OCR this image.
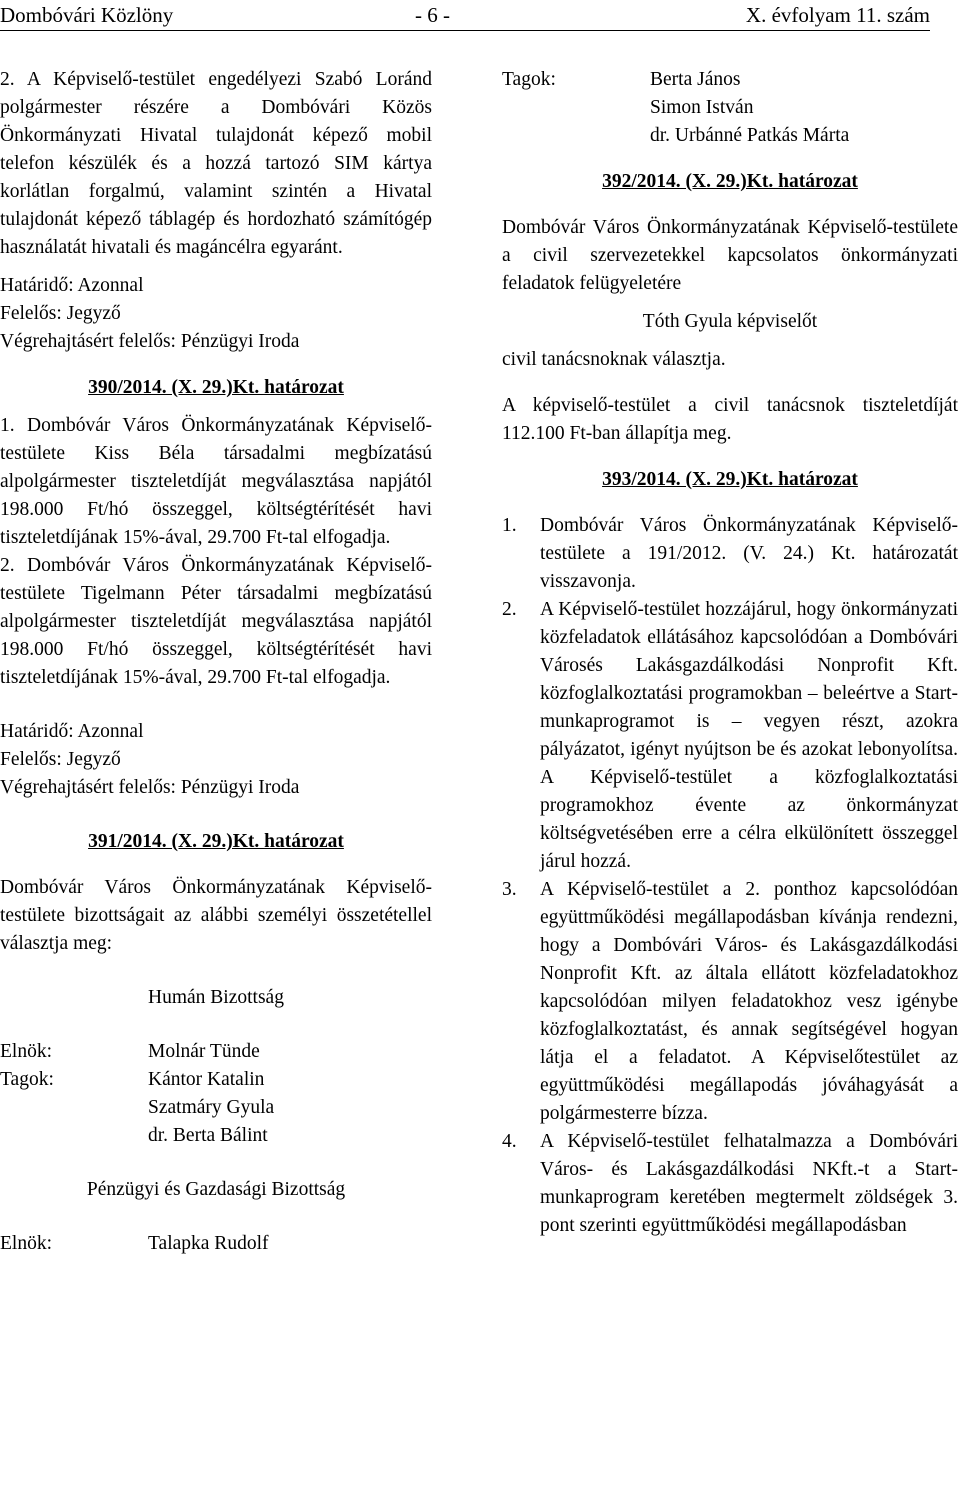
Dombóvári Közlöny	- 6 -	X. évfolyam 11. szám

2. A Képviselő-testület engedélyezi Szabó Loránd polgármester részére a Dombóvári Közös Önkormányzati Hivatal tulajdonát képező mobil telefon készülék és a hozzá tartozó SIM kártya korlátlan forgalmú, valamint szintén a Hivatal tulajdonát képező táblagép és hordozható számítógép használatát hivatali és magáncélra egyaránt.

Határidő: Azonnal

Felelős: Jegyző

Végrehajtásért felelős: Pénzügyi Iroda

390/2014. (X. 29.)Kt. határozat

1. Dombóvár Város Önkormányzatának Képviselő-testülete Kiss Béla társadalmi megbízatású alpolgármester tiszteletdíját megválasztása napjától 198.000 Ft/hó összeggel, költségtérítését havi tiszteletdíjának 15%-ával, 29.700 Ft-tal elfogadja.

2. Dombóvár Város Önkormányzatának Képviselő-testülete Tigelmann Péter társadalmi megbízatású alpolgármester tiszteletdíját megválasztása napjától 198.000 Ft/hó összeggel, költségtérítését havi tiszteletdíjának 15%-ával, 29.700 Ft-tal elfogadja.

Határidő: Azonnal

Felelős: Jegyző

Végrehajtásért felelős: Pénzügyi Iroda

391/2014. (X. 29.)Kt. határozat

Dombóvár Város Önkormányzatának Képviselő-testülete bizottságait az alábbi személyi összetétellel választja meg:

Humán Bizottság

Elnök:	Molnár Tünde
Tagok:	Kántor Katalin
Szatmáry Gyula
dr. Berta Bálint

Pénzügyi és Gazdasági Bizottság

Elnök:	Talapka Rudolf
Tagok:	Berta János
Simon István
dr. Urbánné Patkás Márta

392/2014. (X. 29.)Kt. határozat

Dombóvár Város Önkormányzatának Képviselő-testülete a civil szervezetekkel kapcsolatos önkormányzati feladatok felügyeletére

Tóth Gyula képviselőt

civil tanácsnoknak választja.

A képviselő-testület a civil tanácsnok tiszteletdíját 112.100 Ft-ban állapítja meg.

393/2014. (X. 29.)Kt. határozat

1.	Dombóvár Város Önkormányzatának Képviselő-testülete a 191/2012. (V. 24.) Kt. határozatát visszavonja.
2.	A Képviselő-testület hozzájárul, hogy önkormányzati közfeladatok ellátásához kapcsolódóan a Dombóvári Városés Lakásgazdálkodási Nonprofit Kft. közfoglalkoztatási programokban – beleértve a Start-munkaprogramot is – vegyen részt, azokra pályázatot, igényt nyújtson be és azokat lebonyolítsa. A Képviselő-testület a közfoglalkoztatási programokhoz évente az önkormányzat költségvetésében erre a célra elkülönített összeggel járul hozzá.
3.	A Képviselő-testület a 2. ponthoz kapcsolódóan együttműködési megállapodásban kívánja rendezni, hogy a Dombóvári Város- és Lakásgazdálkodási Nonprofit Kft. az általa ellátott közfeladatokhoz kapcsolódóan milyen feladatokhoz vesz igénybe közfoglalkoztatást, és annak segítségével hogyan látja el a feladatot. A Képviselőtestület az együttműködési megállapodás jóváhagyását a polgármesterre bízza.
4.	A Képviselő-testület felhatalmazza a Dombóvári Város- és Lakásgazdálkodási NKft.-t a Start-munkaprogram keretében megtermelt zöldségek 3. pont szerinti együttműködési megállapodásban
